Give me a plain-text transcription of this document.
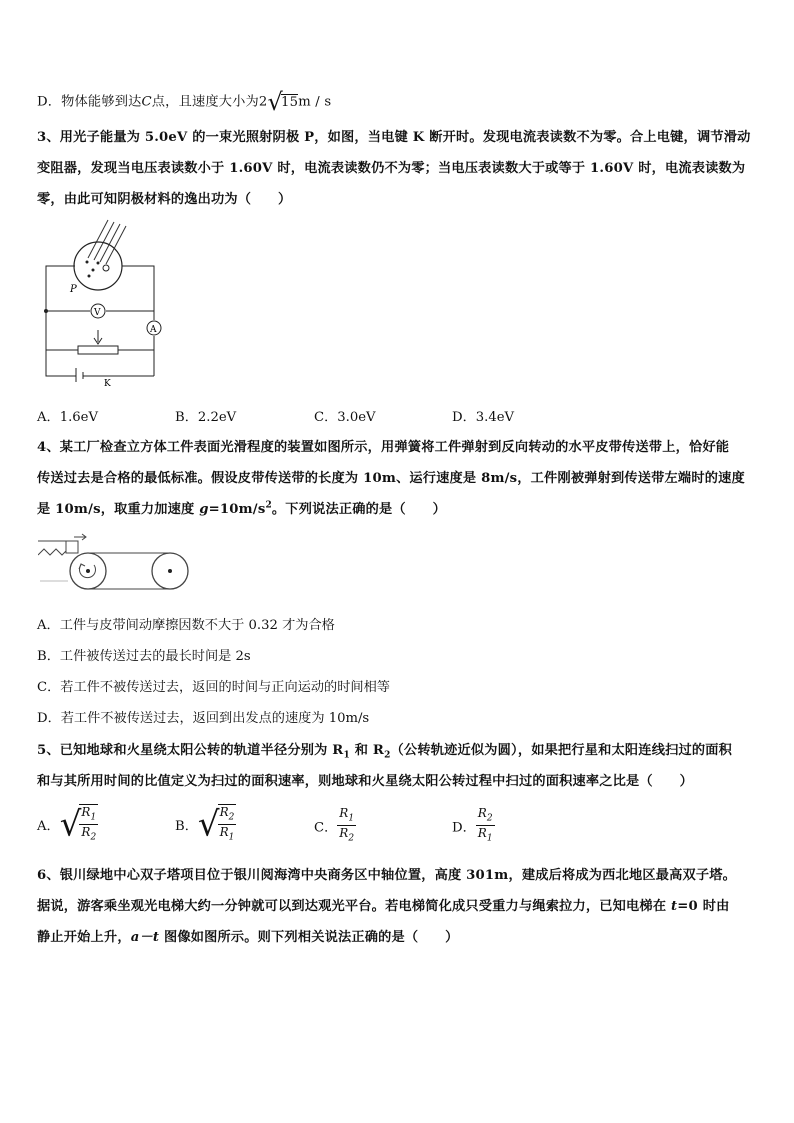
D．物体能够到达C点，且速度大小为2√15m / s
3、用光子能量为 5.0eV 的一束光照射阴极 P，如图，当电键 K 断开时。发现电流表读数不为零。合上电键，调节滑动
变阻器，发现当电压表读数小于 1.60V 时，电流表读数仍不为零；当电压表读数大于或等于 1.60V 时，电流表读数为
零，由此可知阴极材料的逸出功为（　　）
P
V
A
K
A．1.6eV	B．2.2eV	C．3.0eV	D．3.4eV
4、某工厂检查立方体工件表面光滑程度的装置如图所示，用弹簧将工件弹射到反向转动的水平皮带传送带上，恰好能
传送过去是合格的最低标准。假设皮带传送带的长度为 10m、运行速度是 8m/s，工件刚被弹射到传送带左端时的速度
是 10m/s，取重力加速度 $g=10m/s^2$。下列说法正确的是（　　）
A．工件与皮带间动摩擦因数不大于 0.32 才为合格
B．工件被传送过去的最长时间是 2s
C．若工件不被传送过去，返回的时间与正向运动的时间相等
D．若工件不被传送过去，返回到出发点的速度为 10m/s
5、已知地球和火星绕太阳公转的轨道半径分别为 $R_1$ 和 $R_2$（公转轨迹近似为圆），如果把行星和太阳连线扫过的面积
和与其所用时间的比值定义为扫过的面积速率，则地球和火星绕太阳公转过程中扫过的面积速率之比是（　　）
A．√
$\frac{R_1}{R_2}$	B．√
$\frac{R_2}{R_1}$	C． $\frac{R_1}{R_2}$	D． $\frac{R_2}{R_1}$
6、银川绿地中心双子塔项目位于银川阅海湾中央商务区中轴位置，高度 301m，建成后将成为西北地区最高双子塔。
据说，游客乘坐观光电梯大约一分钟就可以到达观光平台。若电梯简化成只受重力与绳索拉力，已知电梯在 t=0 时由
静止开始上升，a－t 图像如图所示。则下列相关说法正确的是（　　）
